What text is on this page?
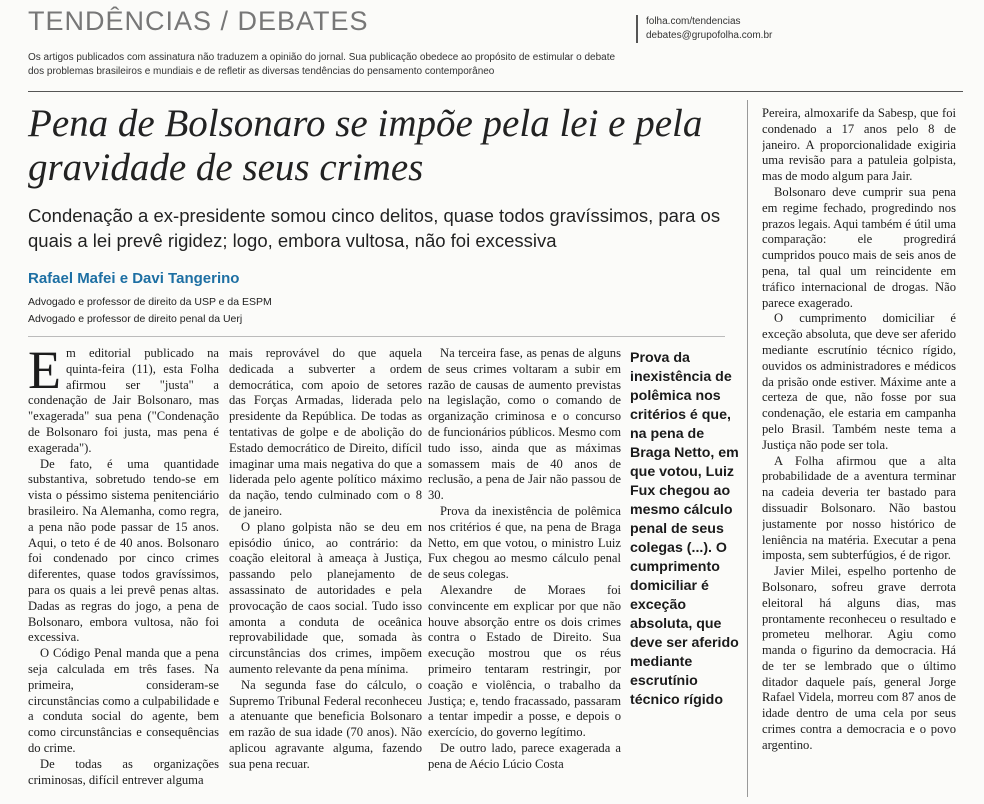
TENDÊNCIAS / DEBATES
Os artigos publicados com assinatura não traduzem a opinião do jornal. Sua publicação obedece ao propósito de estimular o debate dos problemas brasileiros e mundiais e de refletir as diversas tendências do pensamento contemporâneo
folha.com/tendencias
debates@grupofolha.com.br
Pena de Bolsonaro se impõe pela lei e pela gravidade de seus crimes
Condenação a ex-presidente somou cinco delitos, quase todos gravíssimos, para os quais a lei prevê rigidez; logo, embora vultosa, não foi excessiva
Rafael Mafei e Davi Tangerino
Advogado e professor de direito da USP e da ESPM
Advogado e professor de direito penal da Uerj

Em editorial publicado na quinta-feira (11), esta Folha afirmou ser "justa" a condenação de Jair Bolsonaro, mas "exagerada" sua pena ("Condenação de Bolsonaro foi justa, mas pena é exagerada").

De fato, é uma quantidade substantiva, sobretudo tendo-se em vista o péssimo sistema penitenciário brasileiro. Na Alemanha, como regra, a pena não pode passar de 15 anos. Aqui, o teto é de 40 anos. Bolsonaro foi condenado por cinco crimes diferentes, quase todos gravíssimos, para os quais a lei prevê penas altas. Dadas as regras do jogo, a pena de Bolsonaro, embora vultosa, não foi excessiva.

O Código Penal manda que a pena seja calculada em três fases. Na primeira, consideram-se circunstâncias como a culpabilidade e a conduta social do agente, bem como circunstâncias e consequências do crime.

De todas as organizações criminosas, difícil entrever alguma

mais reprovável do que aquela dedicada a subverter a ordem democrática, com apoio de setores das Forças Armadas, liderada pelo presidente da República. De todas as tentativas de golpe e de abolição do Estado democrático de Direito, difícil imaginar uma mais negativa do que a liderada pelo agente político máximo da nação, tendo culminado com o 8 de janeiro.

O plano golpista não se deu em episódio único, ao contrário: da coação eleitoral à ameaça à Justiça, passando pelo planejamento de assassinato de autoridades e pela provocação de caos social. Tudo isso amonta a conduta de oceânica reprovabilidade que, somada às circunstâncias dos crimes, impõem aumento relevante da pena mínima.

Na segunda fase do cálculo, o Supremo Tribunal Federal reconheceu a atenuante que beneficia Bolsonaro em razão de sua idade (70 anos). Não aplicou agravante alguma, fazendo sua pena recuar.

Na terceira fase, as penas de alguns de seus crimes voltaram a subir em razão de causas de aumento previstas na legislação, como o comando de organização criminosa e o concurso de funcionários públicos. Mesmo com tudo isso, ainda que as máximas somassem mais de 40 anos de reclusão, a pena de Jair não passou de 30.

Prova da inexistência de polêmica nos critérios é que, na pena de Braga Netto, em que votou, o ministro Luiz Fux chegou ao mesmo cálculo penal de seus colegas.

Alexandre de Moraes foi convincente em explicar por que não houve absorção entre os dois crimes contra o Estado de Direito. Sua execução mostrou que os réus primeiro tentaram restringir, por coação e violência, o trabalho da Justiça; e, tendo fracassado, passaram a tentar impedir a posse, e depois o exercício, do governo legítimo.

De outro lado, parece exagerada a pena de Aécio Lúcio Costa

Prova da inexistência de polêmica nos critérios é que, na pena de Braga Netto, em que votou, Luiz Fux chegou ao mesmo cálculo penal de seus colegas (...). O cumprimento domiciliar é exceção absoluta, que deve ser aferido mediante escrutínio técnico rígido

Pereira, almoxarife da Sabesp, que foi condenado a 17 anos pelo 8 de janeiro. A proporcionalidade exigiria uma revisão para a patuleia golpista, mas de modo algum para Jair.

Bolsonaro deve cumprir sua pena em regime fechado, progredindo nos prazos legais. Aqui também é útil uma comparação: ele progredirá cumpridos pouco mais de seis anos de pena, tal qual um reincidente em tráfico internacional de drogas. Não parece exagerado.

O cumprimento domiciliar é exceção absoluta, que deve ser aferido mediante escrutínio técnico rígido, ouvidos os administradores e médicos da prisão onde estiver. Máxime ante a certeza de que, não fosse por sua condenação, ele estaria em campanha pelo Brasil. Também neste tema a Justiça não pode ser tola.

A Folha afirmou que a alta probabilidade de a aventura terminar na cadeia deveria ter bastado para dissuadir Bolsonaro. Não bastou justamente por nosso histórico de leniência na matéria. Executar a pena imposta, sem subterfúgios, é de rigor.

Javier Milei, espelho portenho de Bolsonaro, sofreu grave derrota eleitoral há alguns dias, mas prontamente reconheceu o resultado e prometeu melhorar. Agiu como manda o figurino da democracia. Há de ter se lembrado que o último ditador daquele país, general Jorge Rafael Videla, morreu com 87 anos de idade dentro de uma cela por seus crimes contra a democracia e o povo argentino.
